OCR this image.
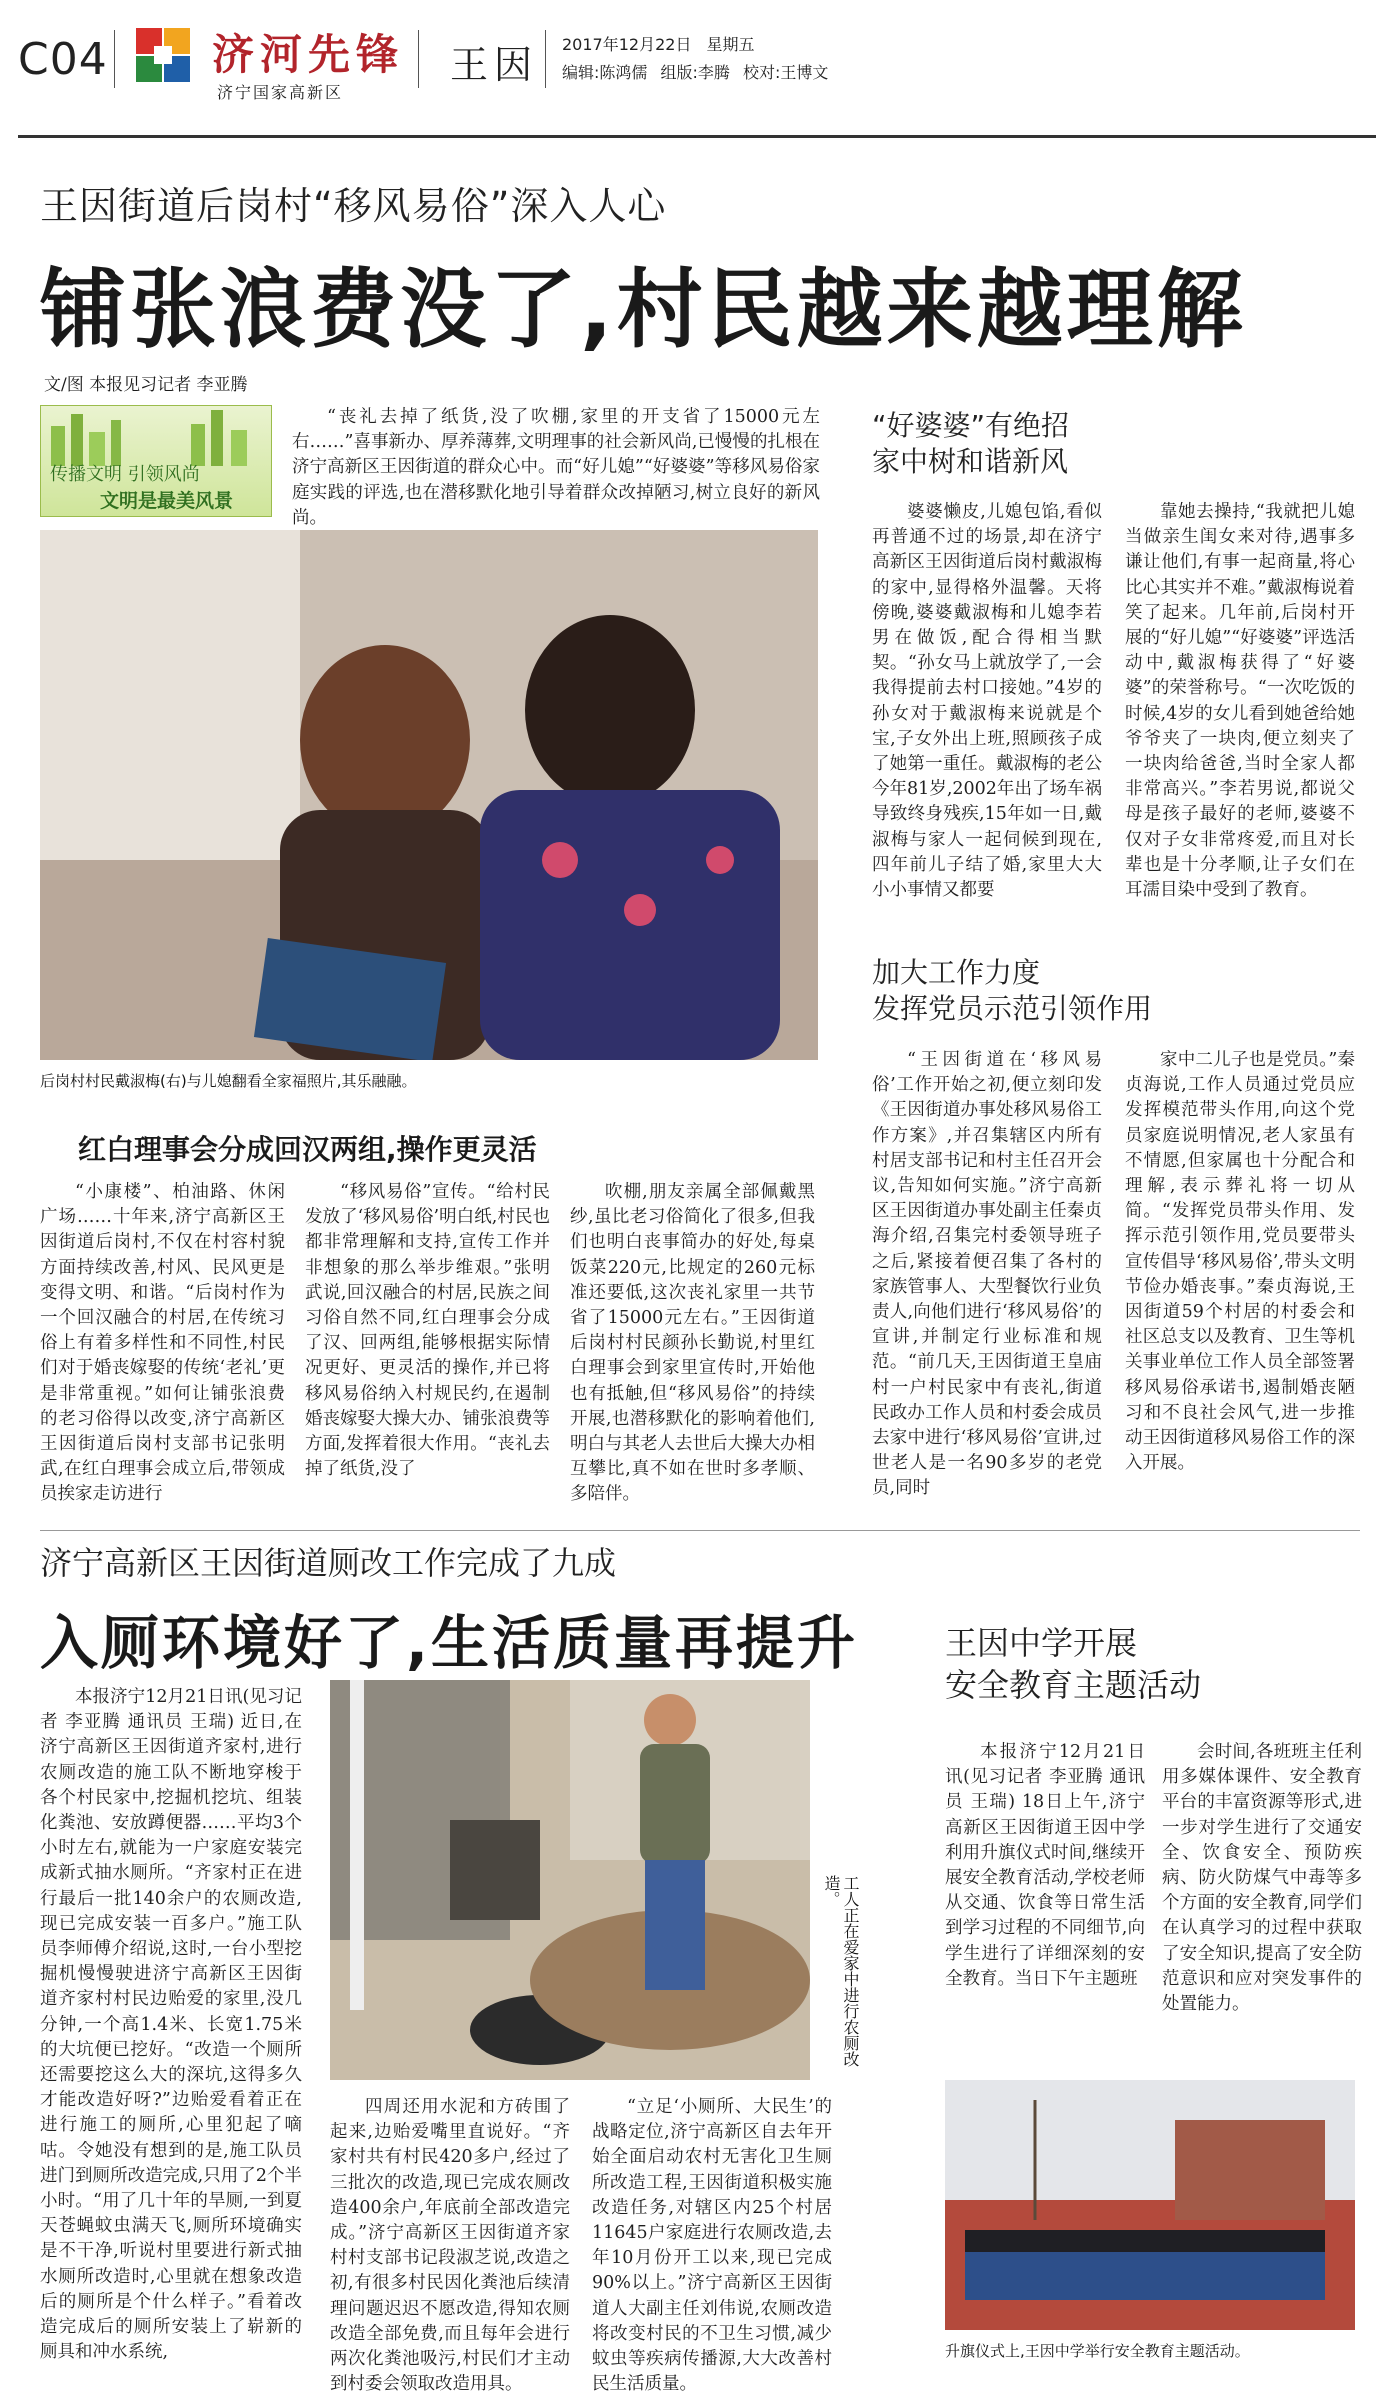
C04 济河先锋
济宁国家高新区
王因 2017年12月22日 星期五
编辑:陈鸿儒 组版:李腾 校对:王博文
王因街道后岗村“移风易俗”深入人心
铺张浪费没了,村民越来越理解
文/图 本报见习记者 李亚腾
传播文明 引领风尚
文明是最美风景

“丧礼去掉了纸货,没了吹棚,家里的开支省了15000元左右……”喜事新办、厚养薄葬,文明理事的社会新风尚,已慢慢的扎根在济宁高新区王因街道的群众心中。而“好儿媳”“好婆婆”等移风易俗家庭实践的评选,也在潜移默化地引导着群众改掉陋习,树立良好的新风尚。

后岗村村民戴淑梅(右)与儿媳翻看全家福照片,其乐融融。
红白理事会分成回汉两组,操作更灵活

“小康楼”、柏油路、休闲广场……十年来,济宁高新区王因街道后岗村,不仅在村容村貌方面持续改善,村风、民风更是变得文明、和谐。“后岗村作为一个回汉融合的村居,在传统习俗上有着多样性和不同性,村民们对于婚丧嫁娶的传统‘老礼’更是非常重视。”如何让铺张浪费的老习俗得以改变,济宁高新区王因街道后岗村支部书记张明武,在红白理事会成立后,带领成员挨家走访进行

“移风易俗”宣传。“给村民发放了‘移风易俗’明白纸,村民也都非常理解和支持,宣传工作并非想象的那么举步维艰。”张明武说,回汉融合的村居,民族之间习俗自然不同,红白理事会分成了汉、回两组,能够根据实际情况更好、更灵活的操作,并已将移风易俗纳入村规民约,在遏制婚丧嫁娶大操大办、铺张浪费等方面,发挥着很大作用。“丧礼去掉了纸货,没了

吹棚,朋友亲属全部佩戴黑纱,虽比老习俗简化了很多,但我们也明白丧事简办的好处,每桌饭菜220元,比规定的260元标准还要低,这次丧礼家里一共节省了15000元左右。”王因街道后岗村村民颜孙长勤说,村里红白理事会到家里宣传时,开始他也有抵触,但“移风易俗”的持续开展,也潜移默化的影响着他们,明白与其老人去世后大操大办相互攀比,真不如在世时多孝顺、多陪伴。

“好婆婆”有绝招
家中树和谐新风

婆婆懒皮,儿媳包馅,看似再普通不过的场景,却在济宁高新区王因街道后岗村戴淑梅的家中,显得格外温馨。天将傍晚,婆婆戴淑梅和儿媳李若男在做饭,配合得相当默契。“孙女马上就放学了,一会我得提前去村口接她。”4岁的孙女对于戴淑梅来说就是个宝,子女外出上班,照顾孩子成了她第一重任。戴淑梅的老公今年81岁,2002年出了场车祸导致终身残疾,15年如一日,戴淑梅与家人一起伺候到现在,四年前儿子结了婚,家里大大小小事情又都要

靠她去操持,“我就把儿媳当做亲生闺女来对待,遇事多谦让他们,有事一起商量,将心比心其实并不难。”戴淑梅说着笑了起来。几年前,后岗村开展的“好儿媳”“好婆婆”评选活动中,戴淑梅获得了“好婆婆”的荣誉称号。“一次吃饭的时候,4岁的女儿看到她爸给她爷爷夹了一块肉,便立刻夹了一块肉给爸爸,当时全家人都非常高兴。”李若男说,都说父母是孩子最好的老师,婆婆不仅对子女非常疼爱,而且对长辈也是十分孝顺,让子女们在耳濡目染中受到了教育。

加大工作力度
发挥党员示范引领作用

“王因街道在‘移风易俗’工作开始之初,便立刻印发《王因街道办事处移风易俗工作方案》,并召集辖区内所有村居支部书记和村主任召开会议,告知如何实施。”济宁高新区王因街道办事处副主任秦贞海介绍,召集完村委领导班子之后,紧接着便召集了各村的家族管事人、大型餐饮行业负责人,向他们进行‘移风易俗’的宣讲,并制定行业标准和规范。“前几天,王因街道王皇庙村一户村民家中有丧礼,街道民政办工作人员和村委会成员去家中进行‘移风易俗’宣讲,过世老人是一名90多岁的老党员,同时

家中二儿子也是党员。”秦贞海说,工作人员通过党员应发挥模范带头作用,向这个党员家庭说明情况,老人家虽有不情愿,但家属也十分配合和理解,表示葬礼将一切从简。“发挥党员带头作用、发挥示范引领作用,党员要带头宣传倡导‘移风易俗’,带头文明节俭办婚丧事。”秦贞海说,王因街道59个村居的村委会和社区总支以及教育、卫生等机关事业单位工作人员全部签署移风易俗承诺书,遏制婚丧陋习和不良社会风气,进一步推动王因街道移风易俗工作的深入开展。

济宁高新区王因街道厕改工作完成了九成
入厕环境好了,生活质量再提升

本报济宁12月21日讯(见习记者 李亚腾 通讯员 王瑞) 近日,在济宁高新区王因街道齐家村,进行农厕改造的施工队不断地穿梭于各个村民家中,挖掘机挖坑、组装化粪池、安放蹲便器……平均3个小时左右,就能为一户家庭安装完成新式抽水厕所。“齐家村正在进行最后一批140余户的农厕改造,现已完成安装一百多户。”施工队员李师傅介绍说,这时,一台小型挖掘机慢慢驶进济宁高新区王因街道齐家村村民边贻爱的家里,没几分钟,一个高1.4米、长宽1.75米的大坑便已挖好。“改造一个厕所还需要挖这么大的深坑,这得多久才能改造好呀?”边贻爱看着正在进行施工的厕所,心里犯起了嘀咕。令她没有想到的是,施工队员进门到厕所改造完成,只用了2个半小时。“用了几十年的旱厕,一到夏天苍蝇蚊虫满天飞,厕所环境确实是不干净,听说村里要进行新式抽水厕所改造时,心里就在想象改造后的厕所是个什么样子。”看着改造完成后的厕所安装上了崭新的厕具和冲水系统,

工人正在爱家中进行农厕改造。

四周还用水泥和方砖围了起来,边贻爱嘴里直说好。“齐家村共有村民420多户,经过了三批次的改造,现已完成农厕改造400余户,年底前全部改造完成。”济宁高新区王因街道齐家村村支部书记段淑芝说,改造之初,有很多村民因化粪池后续清理问题迟迟不愿改造,得知农厕改造全部免费,而且每年会进行两次化粪池吸污,村民们才主动到村委会领取改造用具。

“立足‘小厕所、大民生’的战略定位,济宁高新区自去年开始全面启动农村无害化卫生厕所改造工程,王因街道积极实施改造任务,对辖区内25个村居11645户家庭进行农厕改造,去年10月份开工以来,现已完成90%以上。”济宁高新区王因街道人大副主任刘伟说,农厕改造将改变村民的不卫生习惯,减少蚊虫等疾病传播源,大大改善村民生活质量。

王因中学开展
安全教育主题活动

本报济宁12月21日讯(见习记者 李亚腾 通讯员 王瑞) 18日上午,济宁高新区王因街道王因中学利用升旗仪式时间,继续开展安全教育活动,学校老师从交通、饮食等日常生活到学习过程的不同细节,向学生进行了详细深刻的安全教育。当日下午主题班

会时间,各班班主任利用多媒体课件、安全教育平台的丰富资源等形式,进一步对学生进行了交通安全、饮食安全、预防疾病、防火防煤气中毒等多个方面的安全教育,同学们在认真学习的过程中获取了安全知识,提高了安全防范意识和应对突发事件的处置能力。

升旗仪式上,王因中学举行安全教育主题活动。
